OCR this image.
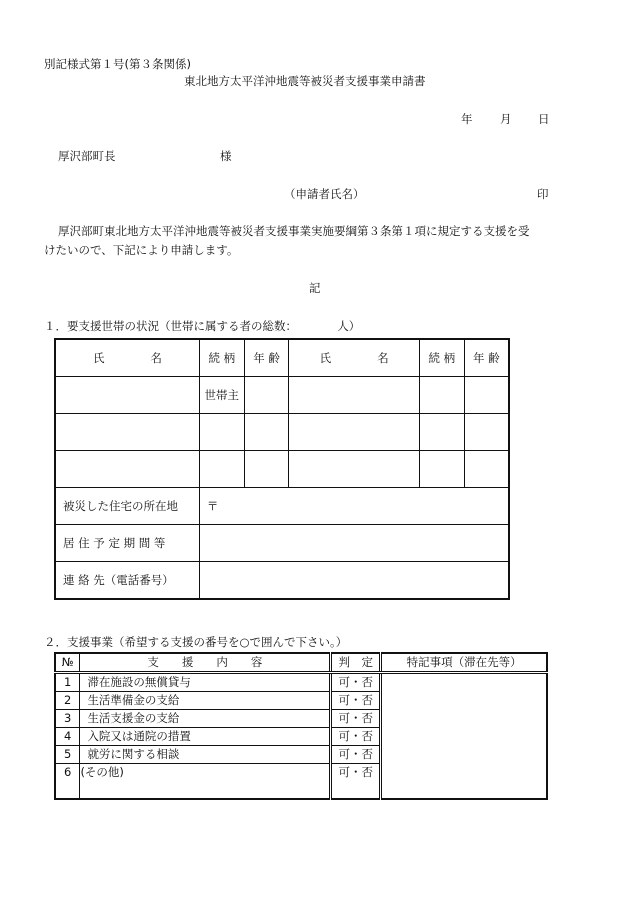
別記様式第１号(第３条関係)
東北地方太平洋沖地震等被災者支援事業申請書
年 月 日
厚沢部町長	様
（申請者氏名）	印
厚沢部町東北地方太平洋沖地震等被災者支援事業実施要綱第３条第１項に規定する支援を受
けたいので、下記により申請します。
記
１．要支援世帯の状況（世帯に属する者の総数：　　　　人）
氏　　　　名	続 柄	年 齢	氏　　　　名	続 柄	年 齢
	世帯主				

被災した住宅の所在地	〒				
居 住 予 定 期 間 等					
連 絡 先（電話番号）					
２．支援事業（希望する支援の番号を○で囲んで下さい。）
№	支　　援　　内　　容	判　定	特記事項（滞在先等）
1	滞在施設の無償貸与	可・否	
2	生活準備金の支給	可・否	
3	生活支援金の支給	可・否	
4	入院又は通院の措置	可・否	
5	就労に関する相談	可・否	
6	(その他)	可・否	
